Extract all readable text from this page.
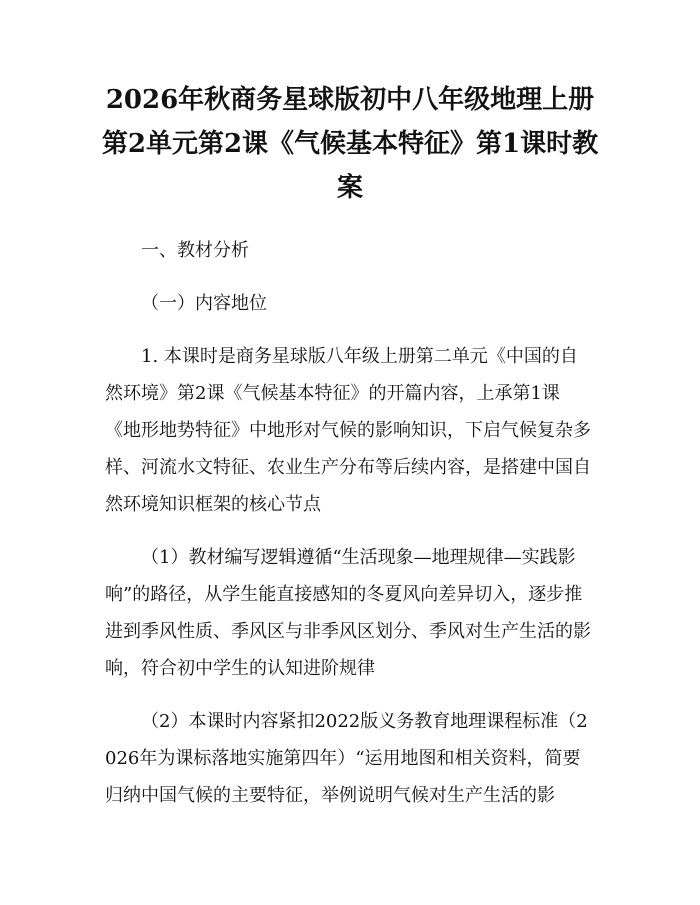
2026年秋商务星球版初中八年级地理上册第2单元第2课《气候基本特征》第1课时教案

一、教材分析

（一）内容地位

1. 本课时是商务星球版八年级上册第二单元《中国的自然环境》第2课《气候基本特征》的开篇内容，上承第1课《地形地势特征》中地形对气候的影响知识，下启气候复杂多样、河流水文特征、农业生产分布等后续内容，是搭建中国自然环境知识框架的核心节点

（1）教材编写逻辑遵循“生活现象—地理规律—实践影响”的路径，从学生能直接感知的冬夏风向差异切入，逐步推进到季风性质、季风区与非季风区划分、季风对生产生活的影响，符合初中学生的认知进阶规律

（2）本课时内容紧扣2022版义务教育地理课程标准（2026年为课标落地实施第四年）“运用地图和相关资料，简要归纳中国气候的主要特征，举例说明气候对生产生活的影
